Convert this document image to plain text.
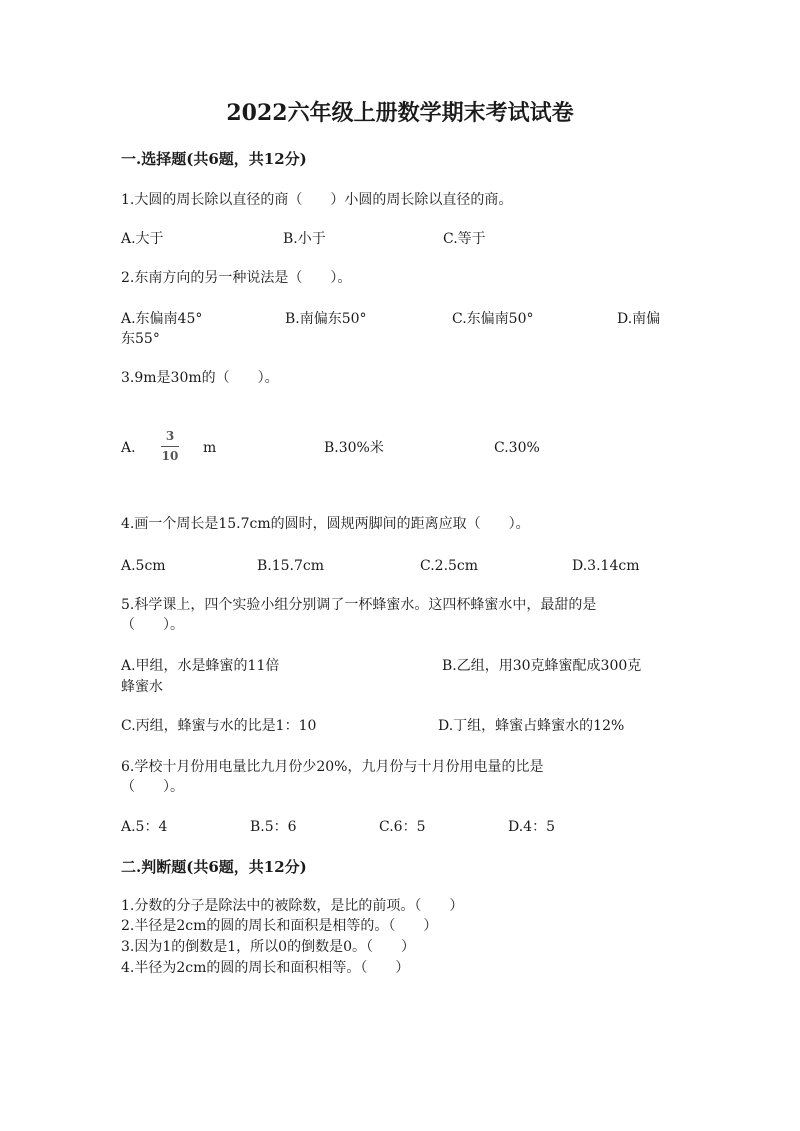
2022六年级上册数学期末考试试卷
一.选择题(共6题，共12分)
1.大圆的周长除以直径的商（　　）小圆的周长除以直径的商。
A.大于	B.小于	C.等于
2.东南方向的另一种说法是（　　）。
A.东偏南45°	B.南偏东50°	C.东偏南50°	D.南偏
东55°
3.9m是30m的（　　）。
A.
3
10 m	B.30%米	C.30%
4.画一个周长是15.7cm的圆时，圆规两脚间的距离应取（　　）。
A.5cm	B.15.7cm	C.2.5cm	D.3.14cm
5.科学课上，四个实验小组分别调了一杯蜂蜜水。这四杯蜂蜜水中，最甜的是
（　　）。
A.甲组，水是蜂蜜的11倍	B.乙组，用30克蜂蜜配成300克
蜂蜜水
C.丙组，蜂蜜与水的比是1：10	D.丁组，蜂蜜占蜂蜜水的12%
6.学校十月份用电量比九月份少20%，九月份与十月份用电量的比是
（　　）。
A.5：4	B.5：6	C.6：5	D.4：5
二.判断题(共6题，共12分)
1.分数的分子是除法中的被除数，是比的前项。（　　）
2.半径是2cm的圆的周长和面积是相等的。（　　）
3.因为1的倒数是1，所以0的倒数是0。（　　）
4.半径为2cm的圆的周长和面积相等。（　　）
